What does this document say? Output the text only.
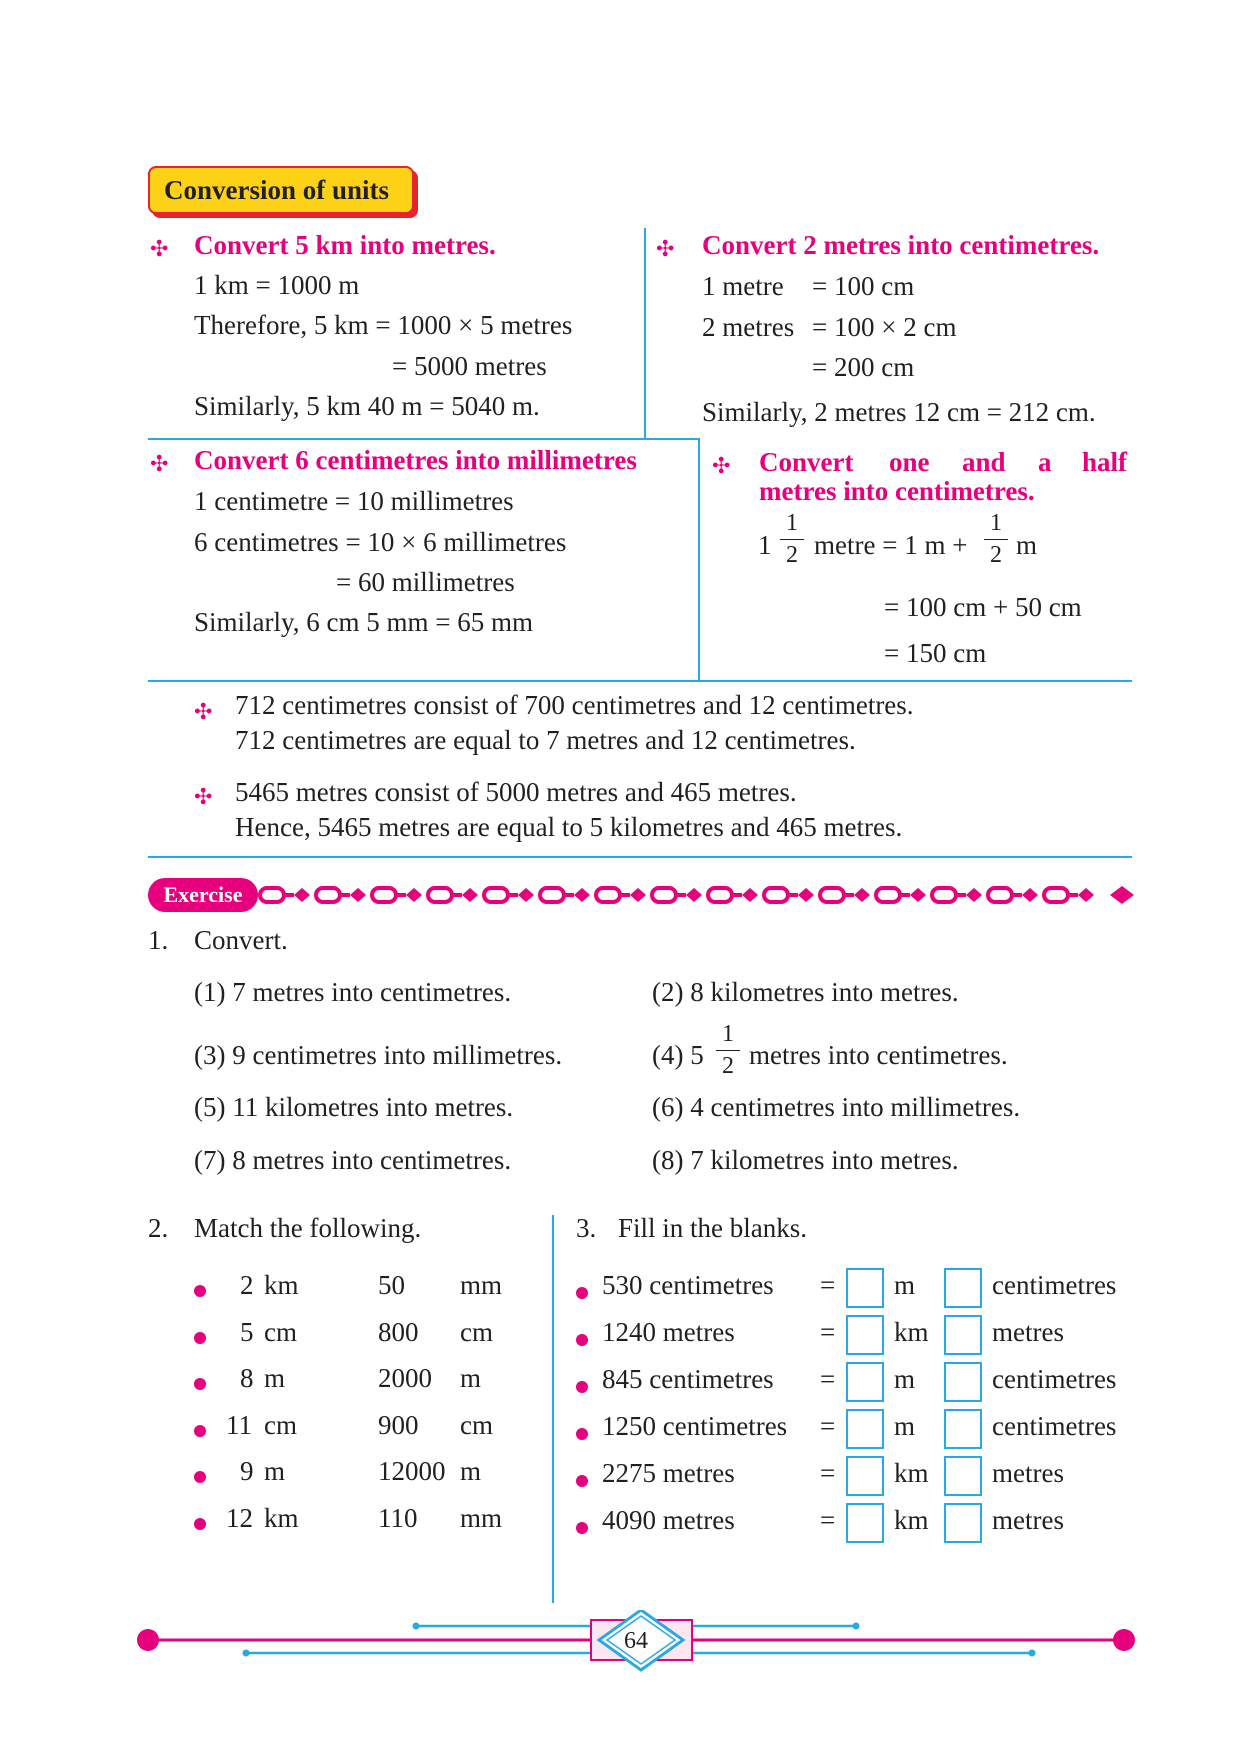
Conversion of units
✣ Convert 5 km into metres.
1 km = 1000 m
Therefore, 5 km = 1000 × 5 metres
= 5000 metres
Similarly, 5 km 40 m = 5040 m.
✣ Convert 2 metres into centimetres.
1 metre = 100 cm
2 metres = 100 × 2 cm
= 200 cm
Similarly, 2 metres 12 cm = 212 cm.
✣ Convert 6 centimetres into millimetres
1 centimetre = 10 millimetres
6 centimetres = 10 × 6 millimetres
= 60 millimetres
Similarly, 6 cm 5 mm = 65 mm
✣ Convert one and a half
metres into centimetres.
1
1
2 metre = 1 m +
1
2 m
= 100 cm + 50 cm
= 150 cm
✣ 712 centimetres consist of 700 centimetres and 12 centimetres.
712 centimetres are equal to 7 metres and 12 centimetres.
✣ 5465 metres consist of 5000 metres and 465 metres.
Hence, 5465 metres are equal to 5 kilometres and 465 metres.
Exercise
1. Convert.
(1) 7 metres into centimetres.	(2) 8 kilometres into metres.
(3) 9 centimetres into millimetres.	(4) 5
1
2 metres into centimetres.
(5) 11 kilometres into metres.	(6) 4 centimetres into millimetres.
(7) 8 metres into centimetres.	(8) 7 kilometres into metres.
2. Match the following.
2 km	50 mm
5 cm	800 cm
8 m	2000 m
11 cm	900 cm
9 m	12000 m
12 km	110 mm
3. Fill in the blanks.
530 centimetres = m	centimetres
1240 metres	= km metres
845 centimetres = m	centimetres
1250 centimetres = m	centimetres
2275 metres	= km metres
4090 metres	= km metres
64
